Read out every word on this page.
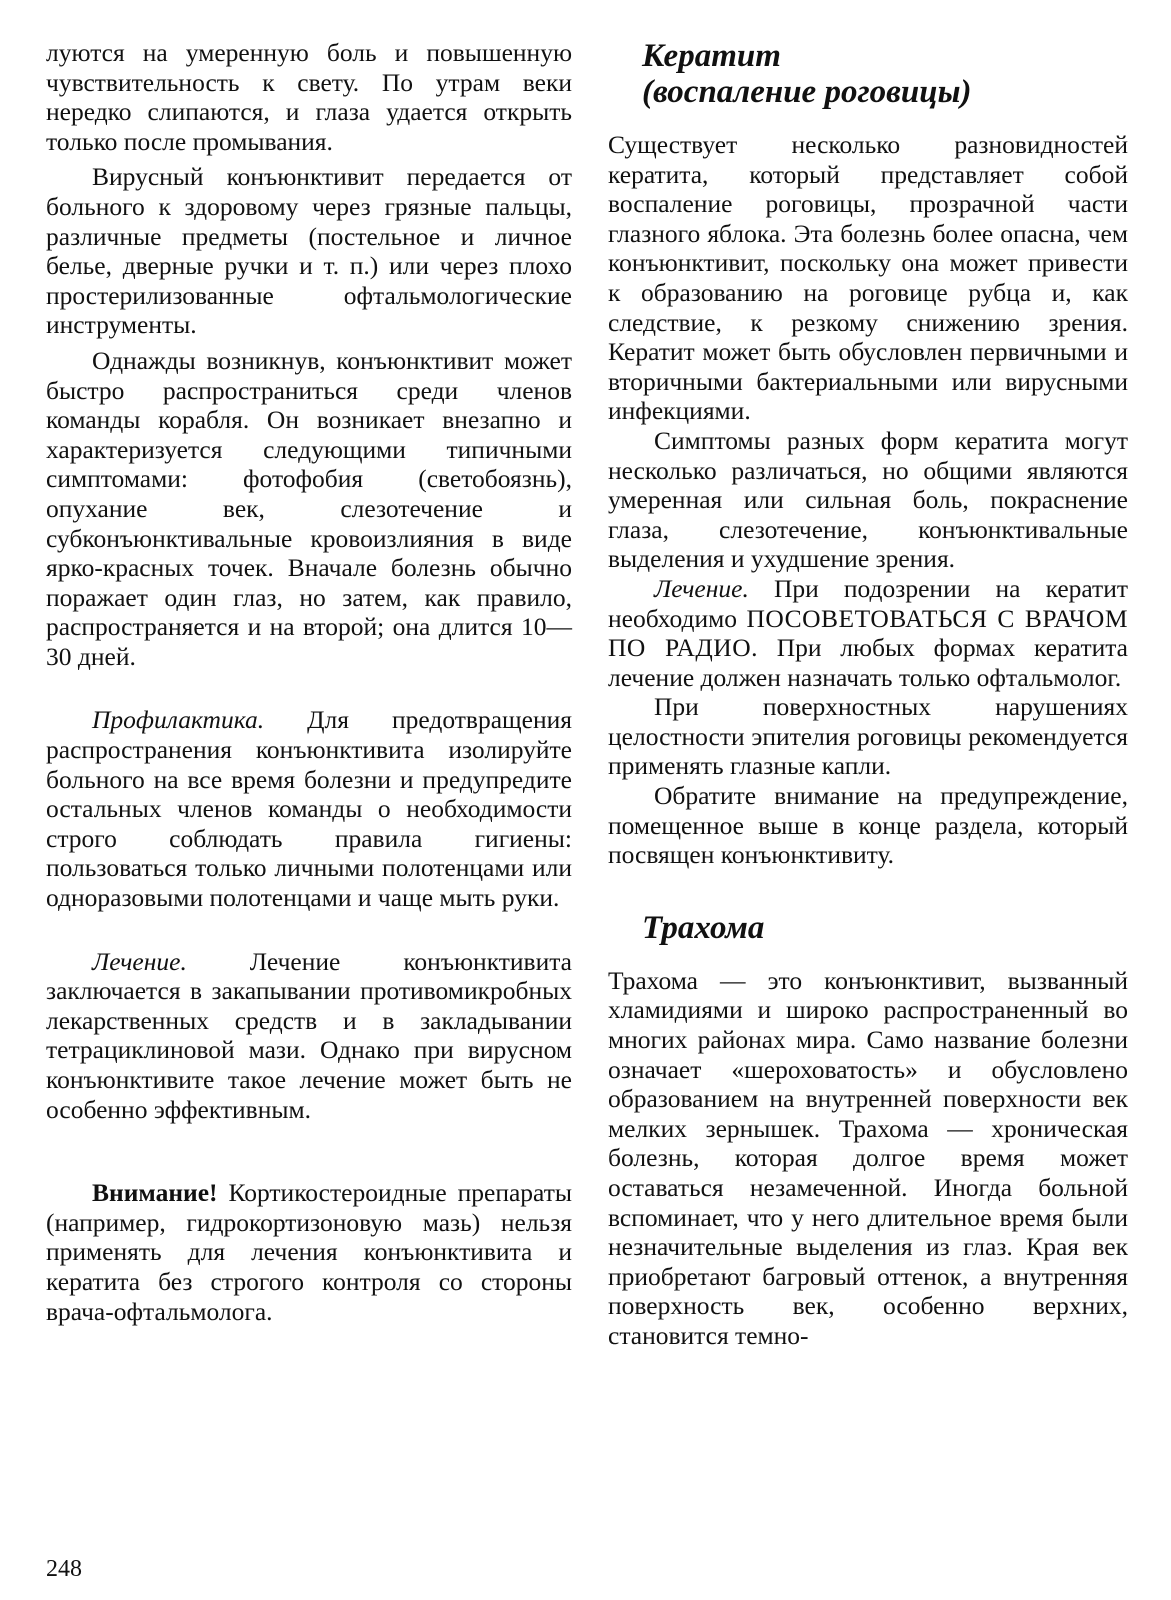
луются на умеренную боль и повышенную чувствительность к свету. По утрам веки нередко слипаются, и глаза удается открыть только после промывания.

Вирусный конъюнктивит передается от больного к здоровому через грязные пальцы, различные предметы (постельное и личное белье, дверные ручки и т. п.) или через плохо простерилизованные офтальмологические инструменты.

Однажды возникнув, конъюнктивит может быстро распространиться среди членов команды корабля. Он возникает внезапно и характеризуется следующими типичными симптомами: фотофобия (светобоязнь), опухание век, слезотечение и субконъюнктивальные кровоизлияния в виде ярко-красных точек. Вначале болезнь обычно поражает один глаз, но затем, как правило, распространяется и на второй; она длится 10—30 дней.

Профилактика. Для предотвращения распространения конъюнктивита изолируйте больного на все время болезни и предупредите остальных членов команды о необходимости строго соблюдать правила гигиены: пользоваться только личными полотенцами или одноразовыми полотенцами и чаще мыть руки.

Лечение. Лечение конъюнктивита заключается в закапывании противомикробных лекарственных средств и в закладывании тетрациклиновой мази. Однако при вирусном конъюнктивите такое лечение может быть не особенно эффективным.

Внимание! Кортикостероидные препараты (например, гидрокортизоновую мазь) нельзя применять для лечения конъюнктивита и кератита без строгого контроля со стороны врача-офтальмолога.

Кератит
(воспаление роговицы)

Существует несколько разновидностей кератита, который представляет собой воспаление роговицы, прозрачной части глазного яблока. Эта болезнь более опасна, чем конъюнктивит, поскольку она может привести к образованию на роговице рубца и, как следствие, к резкому снижению зрения. Кератит может быть обусловлен первичными и вторичными бактериальными или вирусными инфекциями.

Симптомы разных форм кератита могут несколько различаться, но общими являются умеренная или сильная боль, покраснение глаза, слезотечение, конъюнктивальные выделения и ухудшение зрения.

Лечение. При подозрении на кератит необходимо ПОСОВЕТОВАТЬСЯ С ВРАЧОМ ПО РАДИО. При любых формах кератита лечение должен назначать только офтальмолог.

При поверхностных нарушениях целостности эпителия роговицы рекомендуется применять глазные капли.

Обратите внимание на предупреждение, помещенное выше в конце раздела, который посвящен конъюнктивиту.

Трахома

Трахома — это конъюнктивит, вызванный хламидиями и широко распространенный во многих районах мира. Само название болезни означает «шероховатость» и обусловлено образованием на внутренней поверхности век мелких зернышек. Трахома — хроническая болезнь, которая долгое время может оставаться незамеченной. Иногда больной вспоминает, что у него длительное время были незначительные выделения из глаз. Края век приобретают багровый оттенок, а внутренняя поверхность век, особенно верхних, становится темно-

248
